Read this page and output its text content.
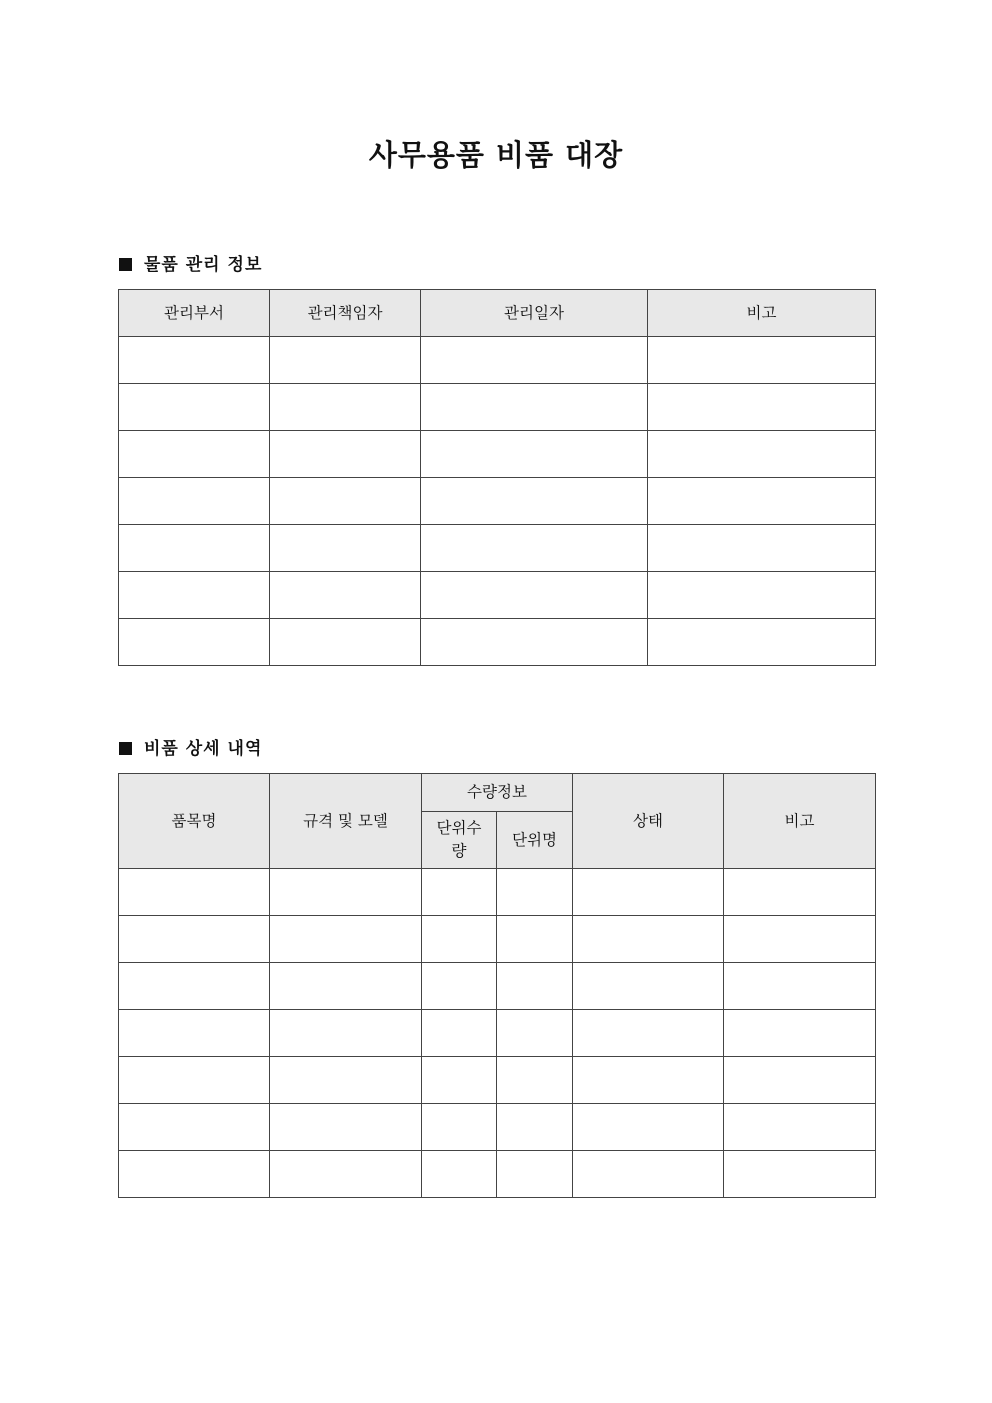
사무용품 비품 대장
물품 관리 정보
관리부서	관리책임자	관리일자	비고

비품 상세 내역
품목명	규격 및 모델	수량정보		상태	비고
		단위수량	단위명		
